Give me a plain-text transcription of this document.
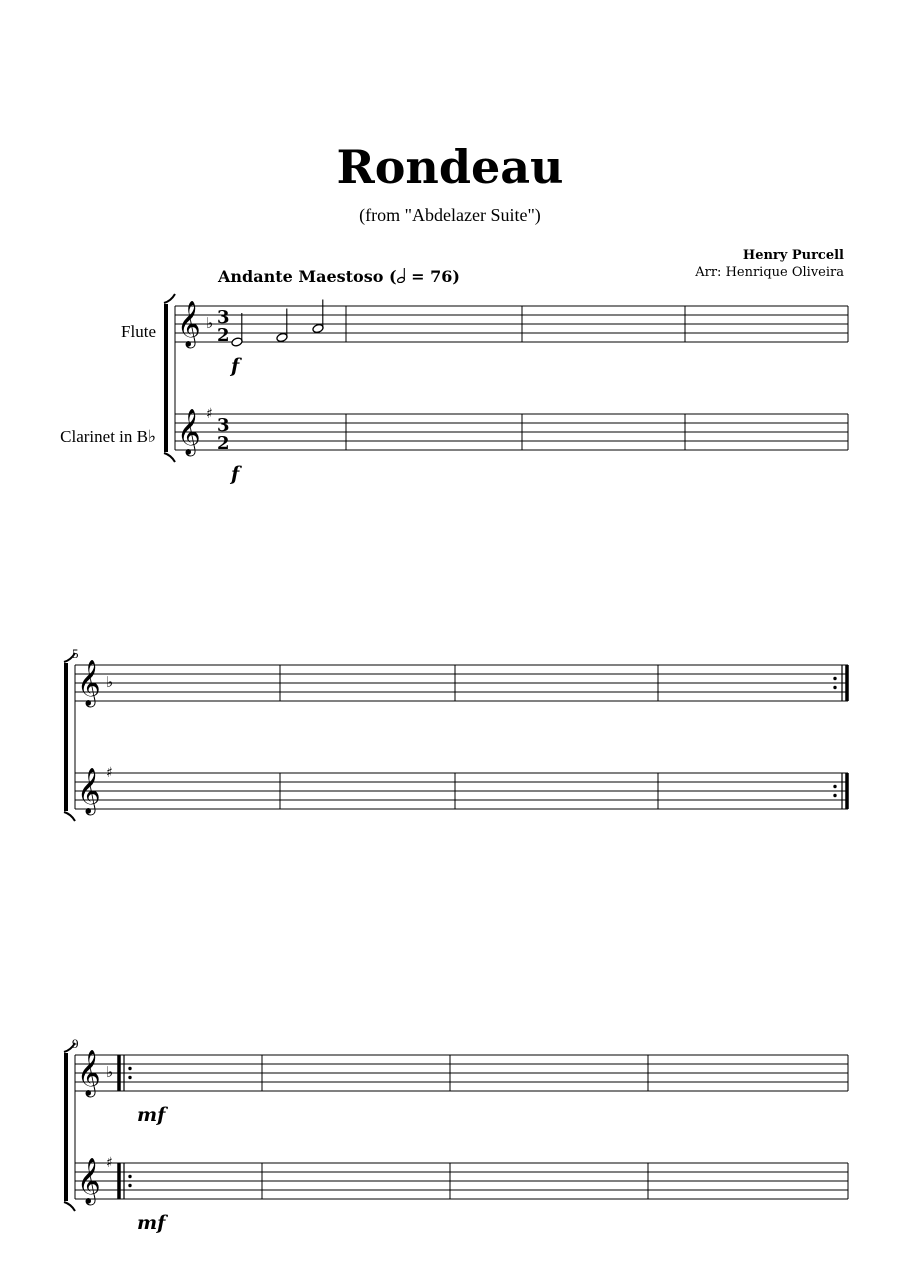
Rondeau
(from "Abdelazer Suite")
Henry Purcell
Arr: Henrique Oliveira
Andante Maestoso ( = 76)
Flute
Clarinet in B♭
5
9
𝄞 ♭
𝄞 ♯
3
2
3
2
f
f
𝄞 ♭
𝄞 ♯
𝄞 ♭
𝄞 ♯
mf
mf
